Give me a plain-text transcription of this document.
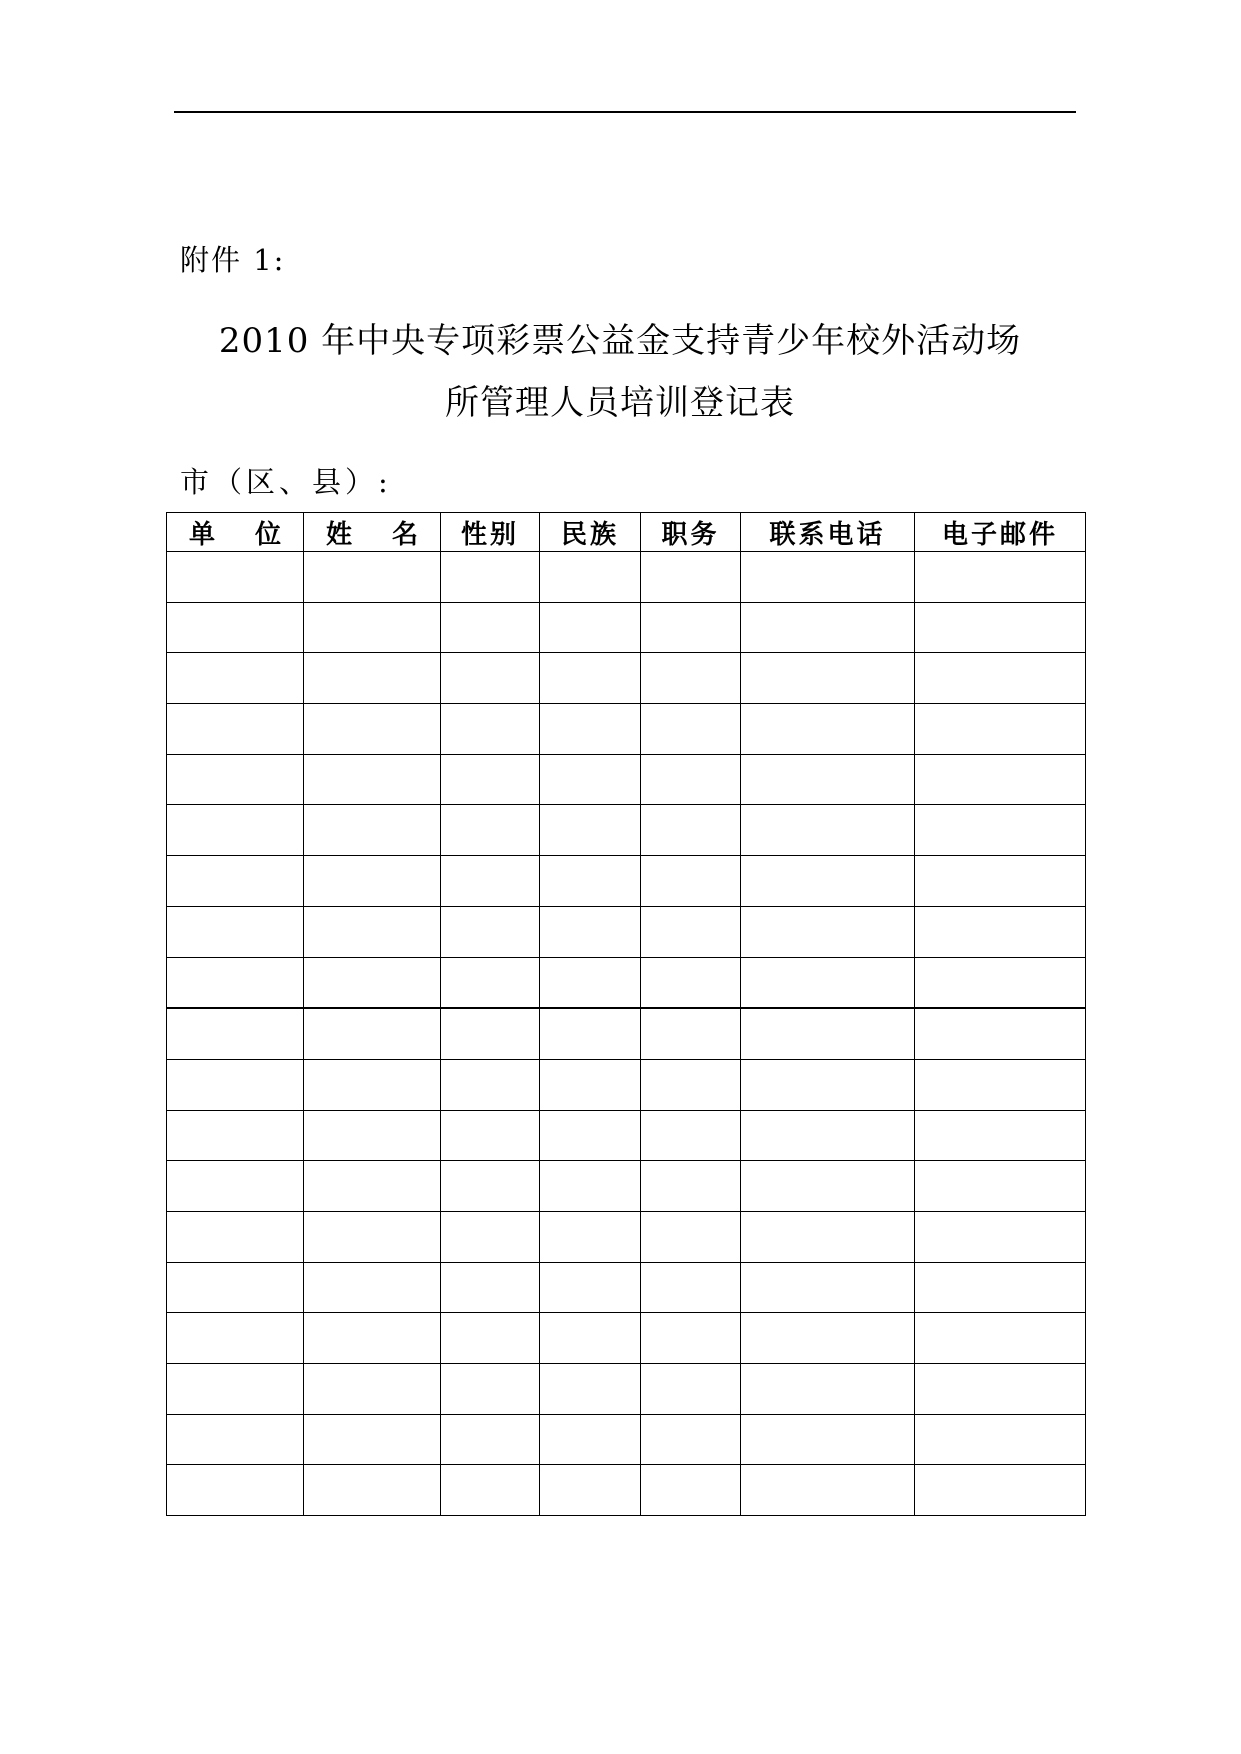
附件 1:
2010 年中央专项彩票公益金支持青少年校外活动场
所管理人员培训登记表
市（区、县）:
单 位	姓 名	性别	民族	职务	联系电话	电子邮件
